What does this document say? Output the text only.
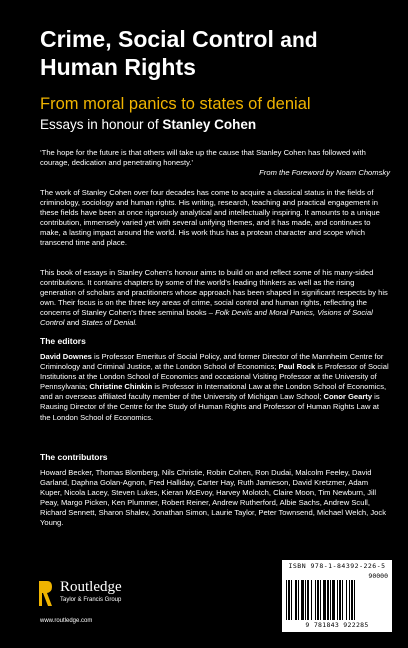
Crime, Social Control and
Human Rights
From moral panics to states of denial
Essays in honour of Stanley Cohen
‘The hope for the future is that others will take up the cause that Stanley Cohen has followed with courage, dedication and penetrating honesty.’
From the Foreword by Noam Chomsky
The work of Stanley Cohen over four decades has come to acquire a classical status in the fields of criminology, sociology and human rights. His writing, research, teaching and practical engagement in these fields have been at once rigorously analytical and intellectually inspiring. It amounts to a unique contribution, immensely varied yet with several unifying themes, and it has made, and continues to make, a lasting impact around the world. His work thus has a protean character and scope which transcend time and place.
This book of essays in Stanley Cohen’s honour aims to build on and reflect some of his many-sided contributions. It contains chapters by some of the world’s leading thinkers as well as the rising generation of scholars and practitioners whose approach has been shaped in significant respects by his own. Their focus is on the three key areas of crime, social control and human rights, reflecting the concerns of Stanley Cohen’s three seminal books – Folk Devils and Moral Panics, Visions of Social Control and States of Denial.
The editors
David Downes is Professor Emeritus of Social Policy, and former Director of the Mannheim Centre for Criminology and Criminal Justice, at the London School of Economics; Paul Rock is Professor of Social Institutions at the London School of Economics and occasional Visiting Professor at the University of Pennsylvania; Christine Chinkin is Professor in International Law at the London School of Economics, and an overseas affiliated faculty member of the University of Michigan Law School; Conor Gearty is Rausing Director of the Centre for the Study of Human Rights and Professor of Human Rights Law at the London School of Economics.
The contributors
Howard Becker, Thomas Blomberg, Nils Christie, Robin Cohen, Ron Dudai, Malcolm Feeley, David Garland, Daphna Golan-Agnon, Fred Halliday, Carter Hay, Ruth Jamieson, David Kretzmer, Adam Kuper, Nicola Lacey, Steven Lukes, Kieran McEvoy, Harvey Molotch, Claire Moon, Tim Newburn, Jill Peay, Margo Picken, Ken Plummer, Robert Reiner, Andrew Rutherford, Albie Sachs, Andrew Scull, Richard Sennett, Sharon Shalev, Jonathan Simon, Laurie Taylor, Peter Townsend, Michael Welch, Jock Young.
Routledge
Taylor & Francis Group
www.routledge.com
ISBN 978-1-84392-226-5
90000
9 781843 922285
